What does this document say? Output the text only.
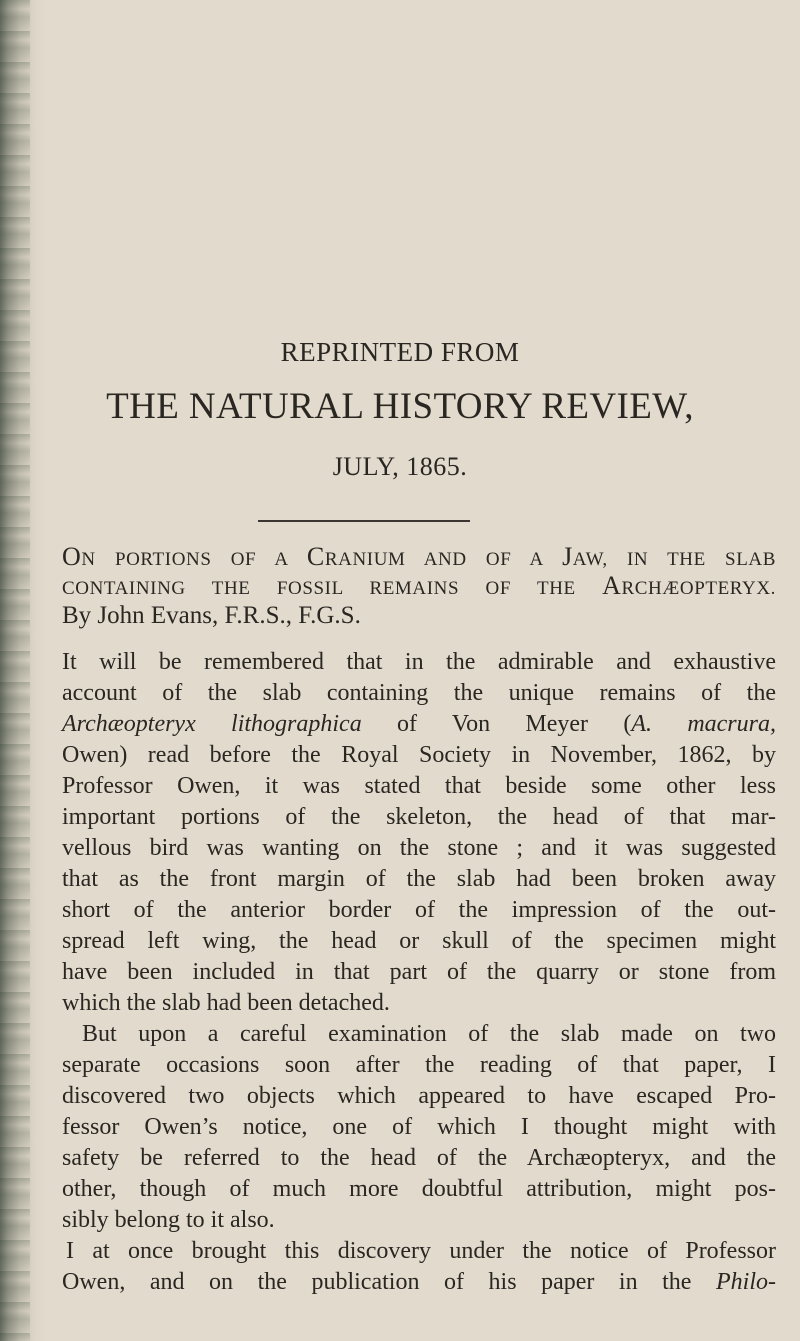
REPRINTED FROM
THE NATURAL HISTORY REVIEW,
JULY, 1865.
ON PORTIONS OF A CRANIUM AND OF A JAW, IN THE SLAB
CONTAINING THE FOSSIL REMAINS OF THE ARCHÆOPTERYX.
By John Evans, F.R.S., F.G.S.
It will be remembered that in the admirable and exhaustive
account of the slab containing the unique remains of the
Archæopteryx lithographica of Von Meyer (A. macrura,
Owen) read before the Royal Society in November, 1862, by
Professor Owen, it was stated that beside some other less
important portions of the skeleton, the head of that mar-
vellous bird was wanting on the stone ; and it was suggested
that as the front margin of the slab had been broken away
short of the anterior border of the impression of the out-
spread left wing, the head or skull of the specimen might
have been included in that part of the quarry or stone from
which the slab had been detached.
But upon a careful examination of the slab made on two
separate occasions soon after the reading of that paper, I
discovered two objects which appeared to have escaped Pro-
fessor Owen’s notice, one of which I thought might with
safety be referred to the head of the Archæopteryx, and the
other, though of much more doubtful attribution, might pos-
sibly belong to it also.
I at once brought this discovery under the notice of Professor
Owen, and on the publication of his paper in the Philo-
